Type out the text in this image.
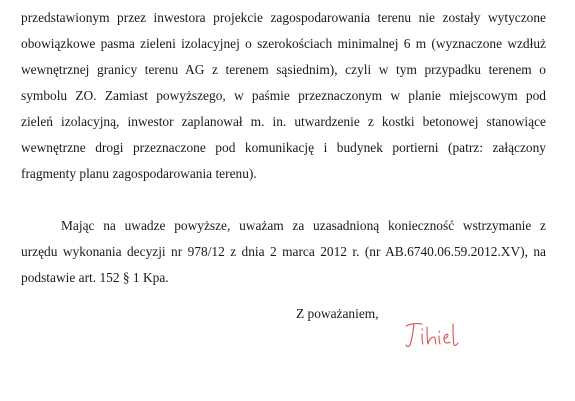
przedstawionym przez inwestora projekcie zagospodarowania terenu nie zostały wytyczone
obowiązkowe pasma zieleni izolacyjnej o szerokościach minimalnej 6 m (wyznaczone wzdłuż
wewnętrznej granicy terenu AG z terenem sąsiednim), czyli w tym przypadku terenem o
symbolu ZO. Zamiast powyższego, w paśmie przeznaczonym w planie miejscowym pod
zieleń izolacyjną, inwestor zaplanował m. in. utwardzenie z kostki betonowej stanowiące
wewnętrzne drogi przeznaczone pod komunikację i budynek portierni (patrz: załączony
fragmenty planu zagospodarowania terenu).
Mając na uwadze powyższe, uważam za uzasadnioną konieczność wstrzymanie z
urzędu wykonania decyzji nr 978/12 z dnia 2 marca 2012 r. (nr AB.6740.06.59.2012.XV), na
podstawie art. 152 § 1 Kpa.
Z poważaniem,
